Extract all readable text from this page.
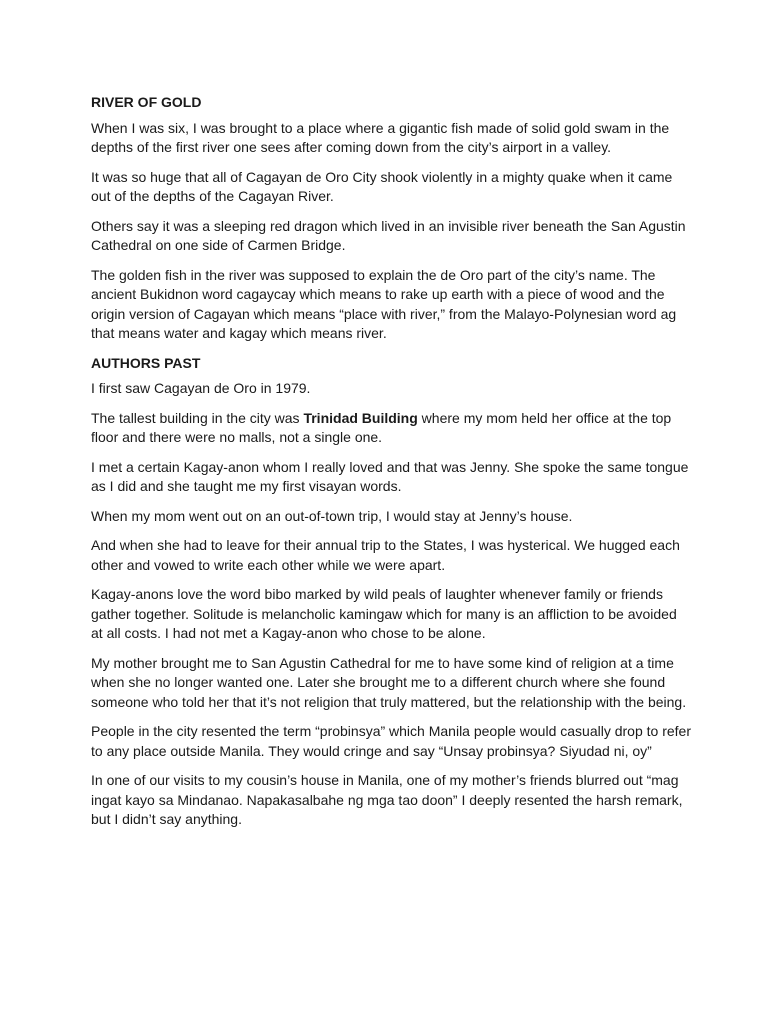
RIVER OF GOLD

When I was six, I was brought to a place where a gigantic fish made of solid gold swam in the depths of the first river one sees after coming down from the city’s airport in a valley.

It was so huge that all of Cagayan de Oro City shook violently in a mighty quake when it came out of the depths of the Cagayan River.

Others say it was a sleeping red dragon which lived in an invisible river beneath the San Agustin Cathedral on one side of Carmen Bridge.

The golden fish in the river was supposed to explain the de Oro part of the city’s name. The ancient Bukidnon word cagaycay which means to rake up earth with a piece of wood and the origin version of Cagayan which means “place with river,” from the Malayo-Polynesian word ag that means water and kagay which means river.

AUTHORS PAST

I first saw Cagayan de Oro in 1979.

The tallest building in the city was Trinidad Building where my mom held her office at the top floor and there were no malls, not a single one.

I met a certain Kagay-anon whom I really loved and that was Jenny. She spoke the same tongue as I did and she taught me my first visayan words.

When my mom went out on an out-of-town trip, I would stay at Jenny’s house.

And when she had to leave for their annual trip to the States, I was hysterical. We hugged each other and vowed to write each other while we were apart.

Kagay-anons love the word bibo marked by wild peals of laughter whenever family or friends gather together. Solitude is melancholic kamingaw which for many is an affliction to be avoided at all costs. I had not met a Kagay-anon who chose to be alone.

My mother brought me to San Agustin Cathedral for me to have some kind of religion at a time when she no longer wanted one. Later she brought me to a different church where she found someone who told her that it’s not religion that truly mattered, but the relationship with the being.

People in the city resented the term “probinsya” which Manila people would casually drop to refer to any place outside Manila. They would cringe and say “Unsay probinsya? Siyudad ni, oy”

In one of our visits to my cousin’s house in Manila, one of my mother’s friends blurred out “mag ingat kayo sa Mindanao. Napakasalbahe ng mga tao doon” I deeply resented the harsh remark, but I didn’t say anything.
